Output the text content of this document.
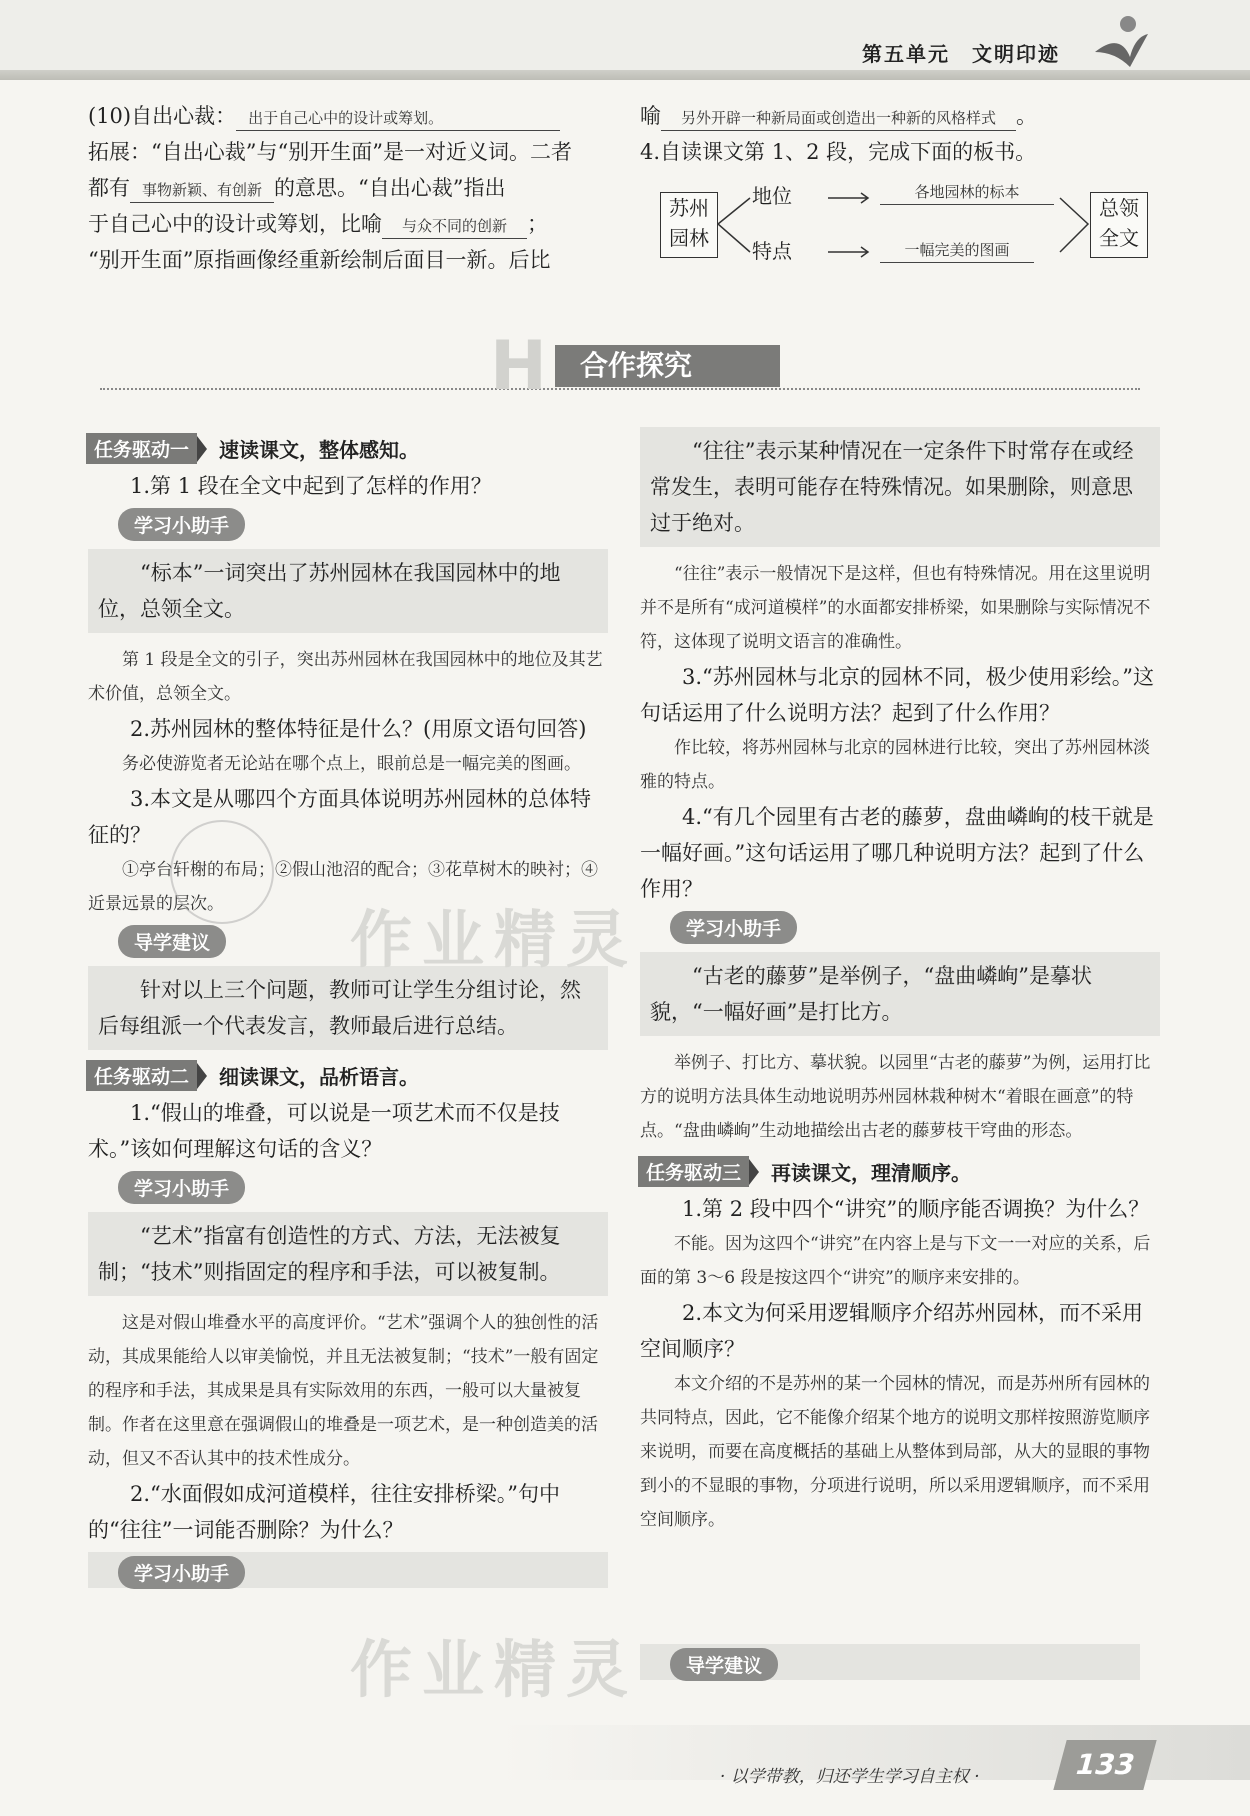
第五单元　文明印迹
(10)自出心裁： 出于自己心中的设计或筹划。
拓展：“自出心裁”与“别开生面”是一对近义词。二者
都有 事物新颖、有创新 的意思。“自出心裁”指出
于自己心中的设计或筹划，比喻 与众不同的创新 ；
“别开生面”原指画像经重新绘制后面目一新。后比
喻 另外开辟一种新局面或创造出一种新的风格样式 。
4.自读课文第 1、2 段，完成下面的板书。
苏州
园林
地位	各地园林的标本
特点	一幅完美的图画
总领
全文
H	合作探究
任务驱动一	速读课文，整体感知。
1.第 1 段在全文中起到了怎样的作用？
学习小助手
“标本”一词突出了苏州园林在我国园林中的地位，总领全文。
第 1 段是全文的引子，突出苏州园林在我国园林中的地位及其艺术价值，总领全文。
2.苏州园林的整体特征是什么？(用原文语句回答)
务必使游览者无论站在哪个点上，眼前总是一幅完美的图画。
3.本文是从哪四个方面具体说明苏州园林的总体特征的？
①亭台轩榭的布局；②假山池沼的配合；③花草树木的映衬；④近景远景的层次。
导学建议
针对以上三个问题，教师可让学生分组讨论，然后每组派一个代表发言，教师最后进行总结。
任务驱动二	细读课文，品析语言。
1.“假山的堆叠，可以说是一项艺术而不仅是技术。”该如何理解这句话的含义？
学习小助手
“艺术”指富有创造性的方式、方法，无法被复制；“技术”则指固定的程序和手法，可以被复制。
这是对假山堆叠水平的高度评价。“艺术”强调个人的独创性的活动，其成果能给人以审美愉悦，并且无法被复制；“技术”一般有固定的程序和手法，其成果是具有实际效用的东西，一般可以大量被复制。作者在这里意在强调假山的堆叠是一项艺术，是一种创造美的活动，但又不否认其中的技术性成分。
2.“水面假如成河道模样，往往安排桥梁。”句中的“往往”一词能否删除？为什么？
学习小助手
“往往”表示某种情况在一定条件下时常存在或经常发生，表明可能存在特殊情况。如果删除，则意思过于绝对。
“往往”表示一般情况下是这样，但也有特殊情况。用在这里说明并不是所有“成河道模样”的水面都安排桥梁，如果删除与实际情况不符，这体现了说明文语言的准确性。
3.“苏州园林与北京的园林不同，极少使用彩绘。”这句话运用了什么说明方法？起到了什么作用？
作比较，将苏州园林与北京的园林进行比较，突出了苏州园林淡雅的特点。
4.“有几个园里有古老的藤萝，盘曲嶙峋的枝干就是一幅好画。”这句话运用了哪几种说明方法？起到了什么作用？
学习小助手
“古老的藤萝”是举例子，“盘曲嶙峋”是摹状貌，“一幅好画”是打比方。
举例子、打比方、摹状貌。以园里“古老的藤萝”为例，运用打比方的说明方法具体生动地说明苏州园林栽种树木“着眼在画意”的特点。“盘曲嶙峋”生动地描绘出古老的藤萝枝干穹曲的形态。
任务驱动三	再读课文，理清顺序。
1.第 2 段中四个“讲究”的顺序能否调换？为什么？
不能。因为这四个“讲究”在内容上是与下文一一对应的关系，后面的第 3～6 段是按这四个“讲究”的顺序来安排的。
2.本文为何采用逻辑顺序介绍苏州园林，而不采用空间顺序？
本文介绍的不是苏州的某一个园林的情况，而是苏州所有园林的共同特点，因此，它不能像介绍某个地方的说明文那样按照游览顺序来说明，而要在高度概括的基础上从整体到局部，从大的显眼的事物到小的不显眼的事物，分项进行说明，所以采用逻辑顺序，而不采用空间顺序。
导学建议
作业精灵
作业精灵
· 以学带教，归还学生学习自主权 ·	133
